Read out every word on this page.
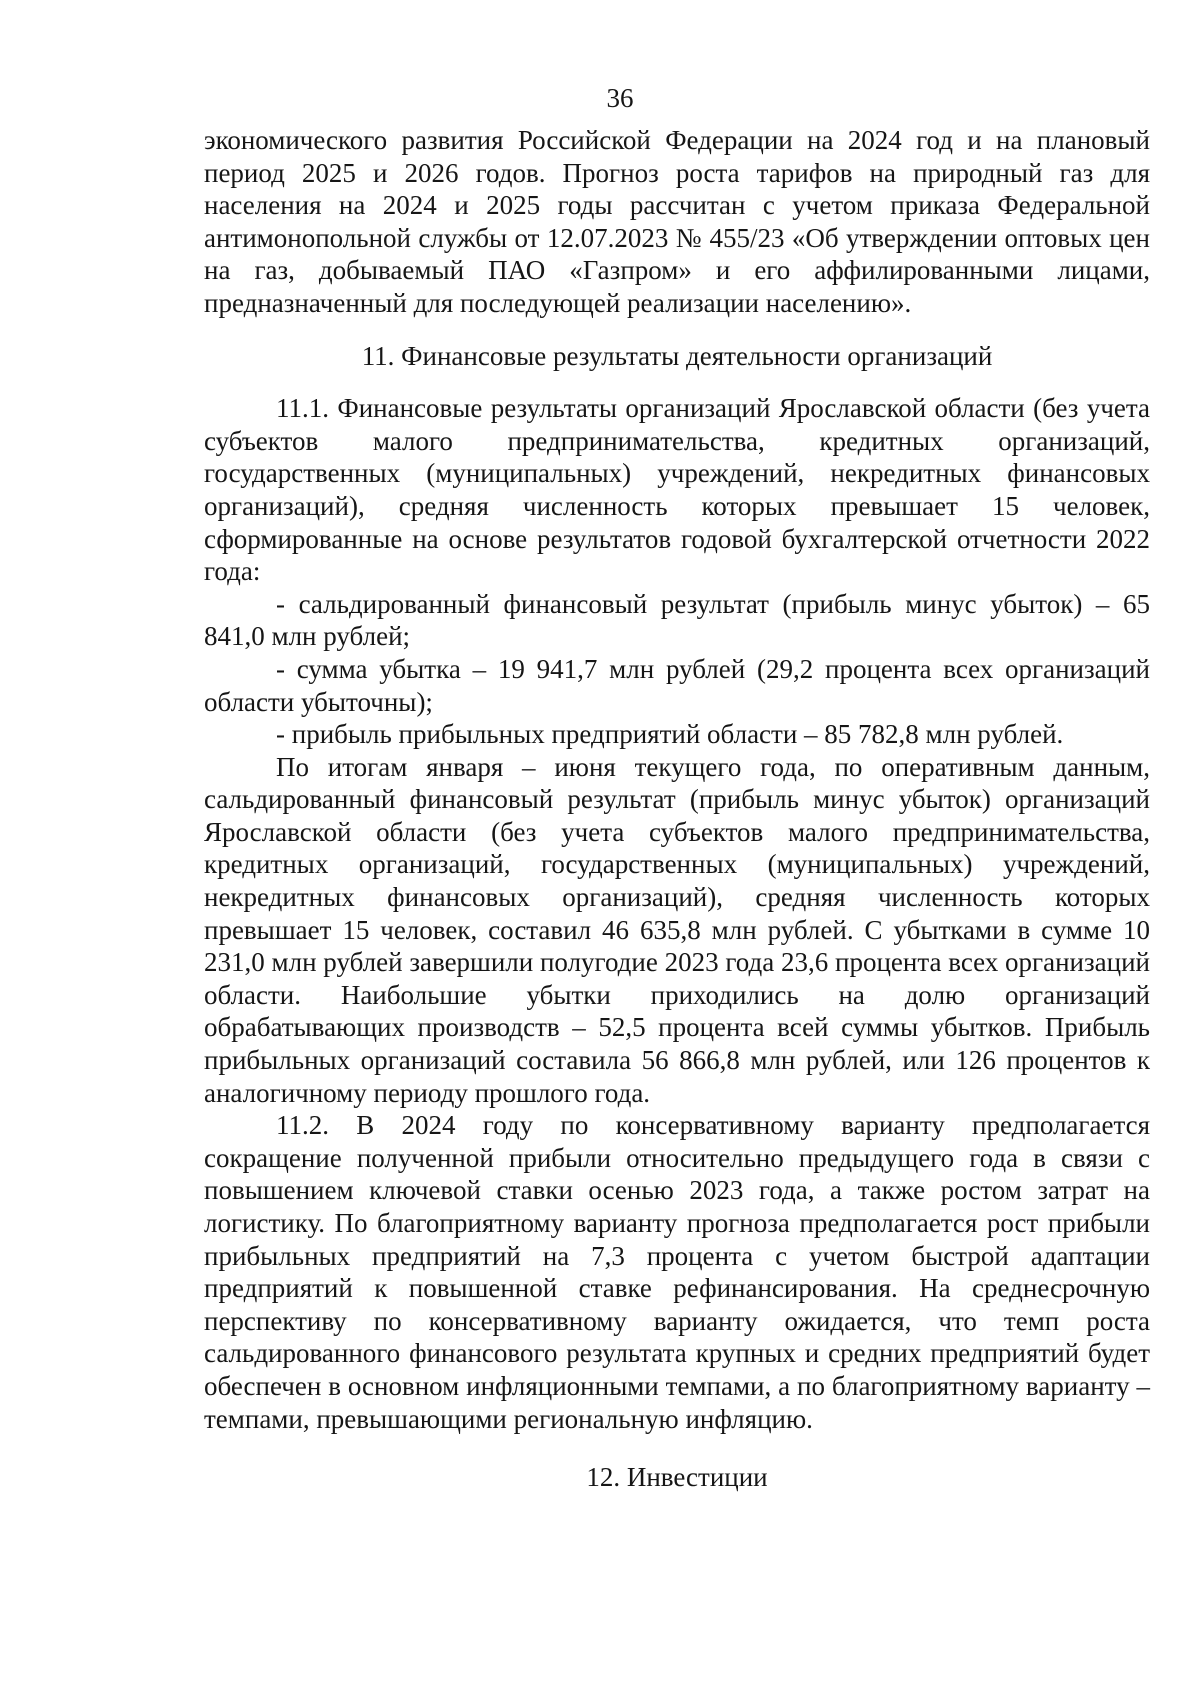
36

экономического развития Российской Федерации на 2024 год и на плановый период 2025 и 2026 годов. Прогноз роста тарифов на природный газ для населения на 2024 и 2025 годы рассчитан с учетом приказа Федеральной антимонопольной службы от 12.07.2023 № 455/23 «Об утверждении оптовых цен на газ, добываемый ПАО «Газпром» и его аффилированными лицами, предназначенный для последующей реализации населению».

11. Финансовые результаты деятельности организаций

11.1. Финансовые результаты организаций Ярославской области (без учета субъектов малого предпринимательства, кредитных организаций, государственных (муниципальных) учреждений, некредитных финансовых организаций), средняя численность которых превышает 15 человек, сформированные на основе результатов годовой бухгалтерской отчетности 2022 года:

- сальдированный финансовый результат (прибыль минус убыток) – 65 841,0 млн рублей;

- сумма убытка – 19 941,7 млн рублей (29,2 процента всех организаций области убыточны);

- прибыль прибыльных предприятий области – 85 782,8 млн рублей.

По итогам января – июня текущего года, по оперативным данным, сальдированный финансовый результат (прибыль минус убыток) организаций Ярославской области (без учета субъектов малого предпринимательства, кредитных организаций, государственных (муниципальных) учреждений, некредитных финансовых организаций), средняя численность которых превышает 15 человек, составил 46 635,8 млн рублей. С убытками в сумме 10 231,0 млн рублей завершили полугодие 2023 года 23,6 процента всех организаций области. Наибольшие убытки приходились на долю организаций обрабатывающих производств – 52,5 процента всей суммы убытков. Прибыль прибыльных организаций составила 56 866,8 млн рублей, или 126 процентов к аналогичному периоду прошлого года.

11.2. В 2024 году по консервативному варианту предполагается сокращение полученной прибыли относительно предыдущего года в связи с повышением ключевой ставки осенью 2023 года, а также ростом затрат на логистику. По благоприятному варианту прогноза предполагается рост прибыли прибыльных предприятий на 7,3 процента с учетом быстрой адаптации предприятий к повышенной ставке рефинансирования. На среднесрочную перспективу по консервативному варианту ожидается, что темп роста сальдированного финансового результата крупных и средних предприятий будет обеспечен в основном инфляционными темпами, а по благоприятному варианту – темпами, превышающими региональную инфляцию.

12. Инвестиции
